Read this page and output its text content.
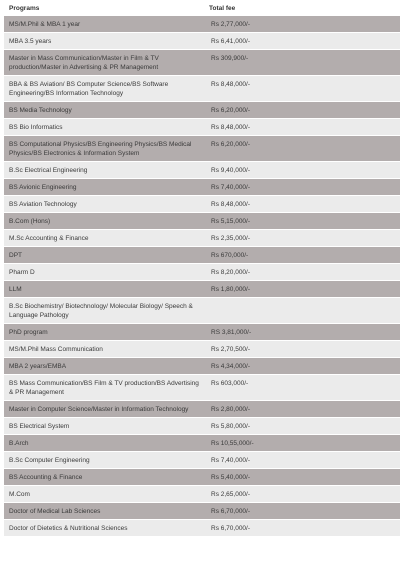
Programs	Total fee
MS/M.Phil & MBA 1 year	Rs 2,77,000/-
MBA 3.5 years	Rs 6,41,000/-
Master in Mass Communication/Master in Film & TV production/Master in Advertising & PR Management	Rs 309,900/-
BBA & BS Aviation/ BS Computer Science/BS Software Engineering/BS Information Technology	Rs 8,48,000/-
BS Media Technology	Rs 6,20,000/-
BS Bio Informatics	Rs 8,48,000/-
BS Computational Physics/BS Engineering Physics/BS Medical Physics/BS Electronics & Information System	Rs 6,20,000/-
B.Sc Electrical Engineering	Rs 9,40,000/-
BS Avionic Engineering	Rs 7,40,000/-
BS Aviation Technology	Rs 8,48,000/-
B.Com (Hons)	Rs 5,15,000/-
M.Sc Accounting & Finance	Rs 2,35,000/-
DPT	Rs 670,000/-
Pharm D	Rs 8,20,000/-
LLM	Rs 1,80,000/-
B.Sc Biochemistry/ Biotechnology/ Molecular Biology/ Speech & Language Pathology	
PhD program	RS 3,81,000/-
MS/M.Phil Mass Communication	Rs 2,70,500/-
MBA 2 years/EMBA	Rs 4,34,000/-
BS Mass Communication/BS Film & TV production/BS Advertising & PR Management	Rs 603,000/-
Master in Computer Science/Master in Information Technology	Rs 2,80,000/-
BS Electrical System	Rs 5,80,000/-
B.Arch	Rs 10,55,000/-
B.Sc Computer Engineering	Rs 7,40,000/-
BS Accounting & Finance	Rs 5,40,000/-
M.Com	Rs 2,65,000/-
Doctor of Medical Lab Sciences	Rs 6,70,000/-
Doctor of Dietetics & Nutritional Sciences	Rs 6,70,000/-
